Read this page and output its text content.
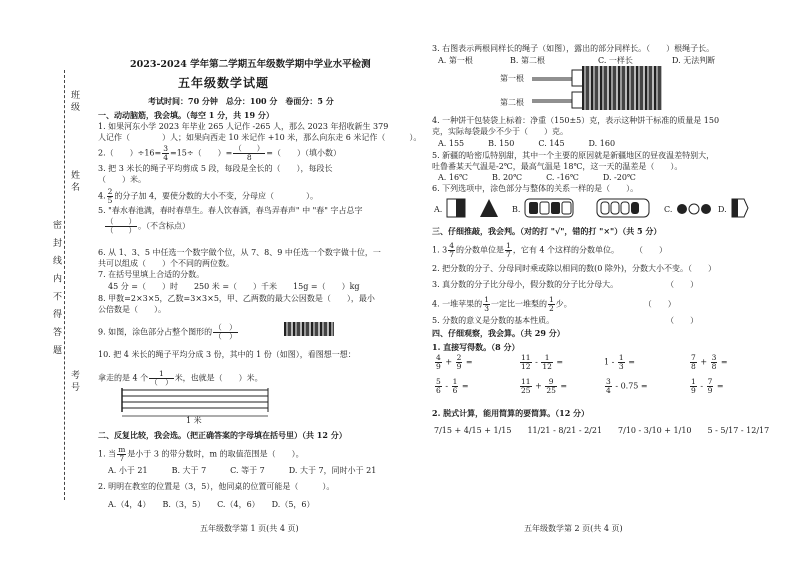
密 封 线 内 不 得 答 题
班级
姓名
考号
2023-2024 学年第二学期五年级数学期中学业水平检测
五年级数学试题
考试时间：70 分钟　总分：100 分　卷面分：5 分
一、动动脑筋，我会填。（每空 1 分，共 19 分）
1. 如果河东小学 2023 年毕业 265 人记作 -265 人，那么 2023 年招收新生 379
人记作（　　　　）人；如果向西走 10 米记作 +10 米，那么向东走 6 米记作（　　　）。
2.（　　）$\div 16= \frac{3}{4} =15\div$（　　）= $\frac{( )}{8}$ =（　　）（填小数）
3. 把 3 米长的绳子平均剪成 5 段，每段是全长的（　　），每段长
（　　）米。
4. $\frac{2}{5}$ 的分子加 4，要使分数的大小不变，分母应（　　　　）。
5. "春水春池满，春时春草生。春人饮春酒，春鸟弄春声" 中 "春" 字占总字
$\frac{( )}{( )}$ 。（不含标点）
6. 从 1、3、5 中任选一个数字做个位，从 7、8、9 中任选一个数字做十位，一
共可以组成（　　）个不同的两位数。
7. 在括号里填上合适的分数。
45 分 =（　　）时　　250 米 =（　　）千米　　15g =（　　）kg
8. 甲数=2×3×5，乙数=3×3×5，甲、乙两数的最大公因数是（　　），最小
公倍数是（　　）。
9. 如图，涂色部分占整个图形的 $\frac{( )}{( )}$
10. 把 4 米长的绳子平均分成 3 份，其中的 1 份（如图），看图想一想：
拿走的是 4 个 $\frac{1}{( )}$ 米，也就是（　　）米。
1 米
二、反复比较，我会选。（把正确答案的字母填在括号里）（共 12 分）
1. 当 $\frac{m}{7}$ 是小于 3 的带分数时，m 的取值范围是（　　）。
A. 小于 21　　　B. 大于 7　　　C. 等于 7　　　D. 大于 7，同时小于 21
2. 明明在教室的位置是（3，5），他同桌的位置可能是（　　　）。
A.（4，4）　　B.（3，5）　　C.（4，6）　　D.（5，6）
五年级数学第 1 页(共 4 页)
3. 右图表示两根同样长的绳子（如图），露出的部分同样长。（　　）根绳子长。
A. 第一根	B. 第二根	C. 一样长	D. 无法判断
第一根
第二根
4. 一种饼干包装袋上标着：净重（150±5）克，表示这种饼干标准的质量是 150
克，实际每袋最少不少于（　　）克。
A. 155　　　B. 150　　　C. 145　　　D. 160
5. 新疆的哈密瓜特别甜，其中一个主要的原因就是新疆地区的昼夜温差特别大，
吐鲁番某天气温是-2℃，最高气温是 18℃，这一天的温差是（　　）。
A. 16℃　　　B. 20℃　　　C. -16℃　　　D. -20℃
6. 下列选项中，涂色部分与整体的关系一样的是（　　）。
A.	B.	C.	D.
三、仔细推敲，我会判。（对的打 "√"，错的打 "×"）（共 5 分）
1. $3 \frac{4}{7}$ 的分数单位是 $\frac{1}{7}$ ，它有 4 个这样的分数单位。　　　（　　）
2. 把分数的分子、分母同时乘或除以相同的数(0 除外)，分数大小不变。（　　）
3. 真分数的分子比分母小，假分数的分子比分母大。　　　　　　　（　　）
4. 一堆苹果的 $\frac{1}{3}$ 一定比一堆梨的 $\frac{1}{2}$ 少。　　　　　　　　　　（　　）
5. 分数的意义是分数的基本性质。　　　　　　　　　　　　　　　（　　）
四、仔细观察，我会算。（共 29 分）
1. 直接写得数。（8 分）
$\frac{4}{9} + \frac{2}{9}$ =	$\frac{11}{12} - \frac{1}{12}$ =	$1 - \frac{1}{3}$ =	$\frac{7}{8} + \frac{3}{8}$ =
$\frac{5}{6} - \frac{1}{6}$ =	$\frac{11}{25} + \frac{9}{25}$ =	$\frac{3}{4} - 0.75$ =	$\frac{1}{9} - \frac{7}{9}$ =
2. 脱式计算，能用简算的要简算。（12 分）
7/15 + 4/15 + 1/15　　11/21 - 8/21 - 2/21　　7/10 - 3/10 + 1/10　　5 - 5/17 - 12/17
五年级数学第 2 页(共 4 页)
